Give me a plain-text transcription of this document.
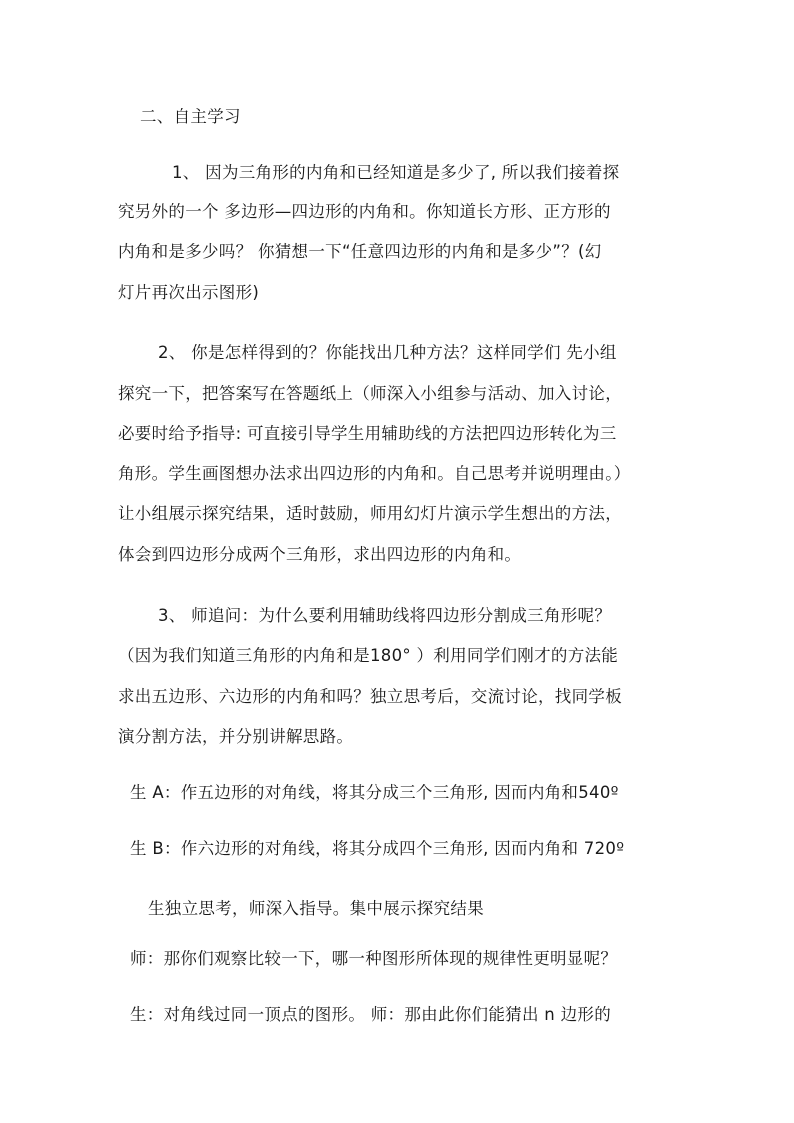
二、自主学习
1、 因为三角形的内角和已经知道是多少了, 所以我们接着探
究另外的一个 多边形—四边形的内角和。你知道长方形、正方形的
内角和是多少吗？ 你猜想一下“任意四边形的内角和是多少”？(幻
灯片再次出示图形)
2、 你是怎样得到的？你能找出几种方法？这样同学们 先小组
探究一下，把答案写在答题纸上（师深入小组参与活动、加入讨论，
必要时给予指导: 可直接引导学生用辅助线的方法把四边形转化为三
角形。学生画图想办法求出四边形的内角和。自己思考并说明理由。）
让小组展示探究结果，适时鼓励，师用幻灯片演示学生想出的方法，
体会到四边形分成两个三角形，求出四边形的内角和。
3、 师追问：为什么要利用辅助线将四边形分割成三角形呢？
（因为我们知道三角形的内角和是180° ）利用同学们刚才的方法能
求出五边形、六边形的内角和吗？独立思考后，交流讨论，找同学板
演分割方法，并分别讲解思路。
生 A：作五边形的对角线，将其分成三个三角形, 因而内角和540º
生 B：作六边形的对角线，将其分成四个三角形, 因而内角和 720º
生独立思考，师深入指导。集中展示探究结果
师：那你们观察比较一下，哪一种图形所体现的规律性更明显呢？
生：对角线过同一顶点的图形。 师：那由此你们能猜出 n 边形的
